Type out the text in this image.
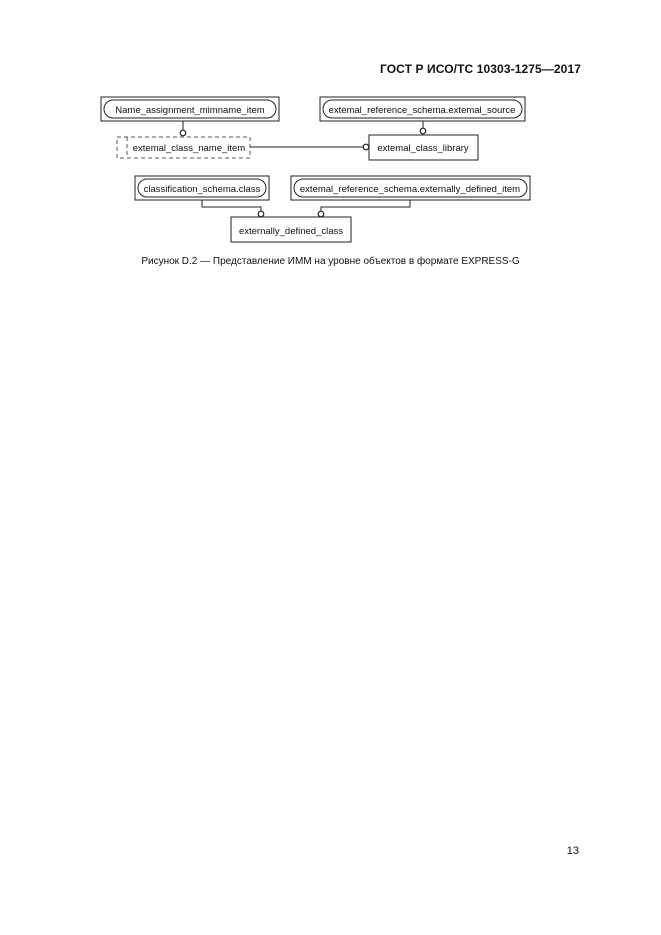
ГОСТ Р ИСО/ТС 10303-1275—2017
Name_assignment_mimname_item	extemal_reference_schema.extemal_source
extemal_class_name_item	extemal_class_library
classification_schema.class	extemal_reference_schema.externally_defined_item
externally_defined_class
Рисунок D.2 — Представление ИММ на уровне объектов в формате EXPRESS-G
13
